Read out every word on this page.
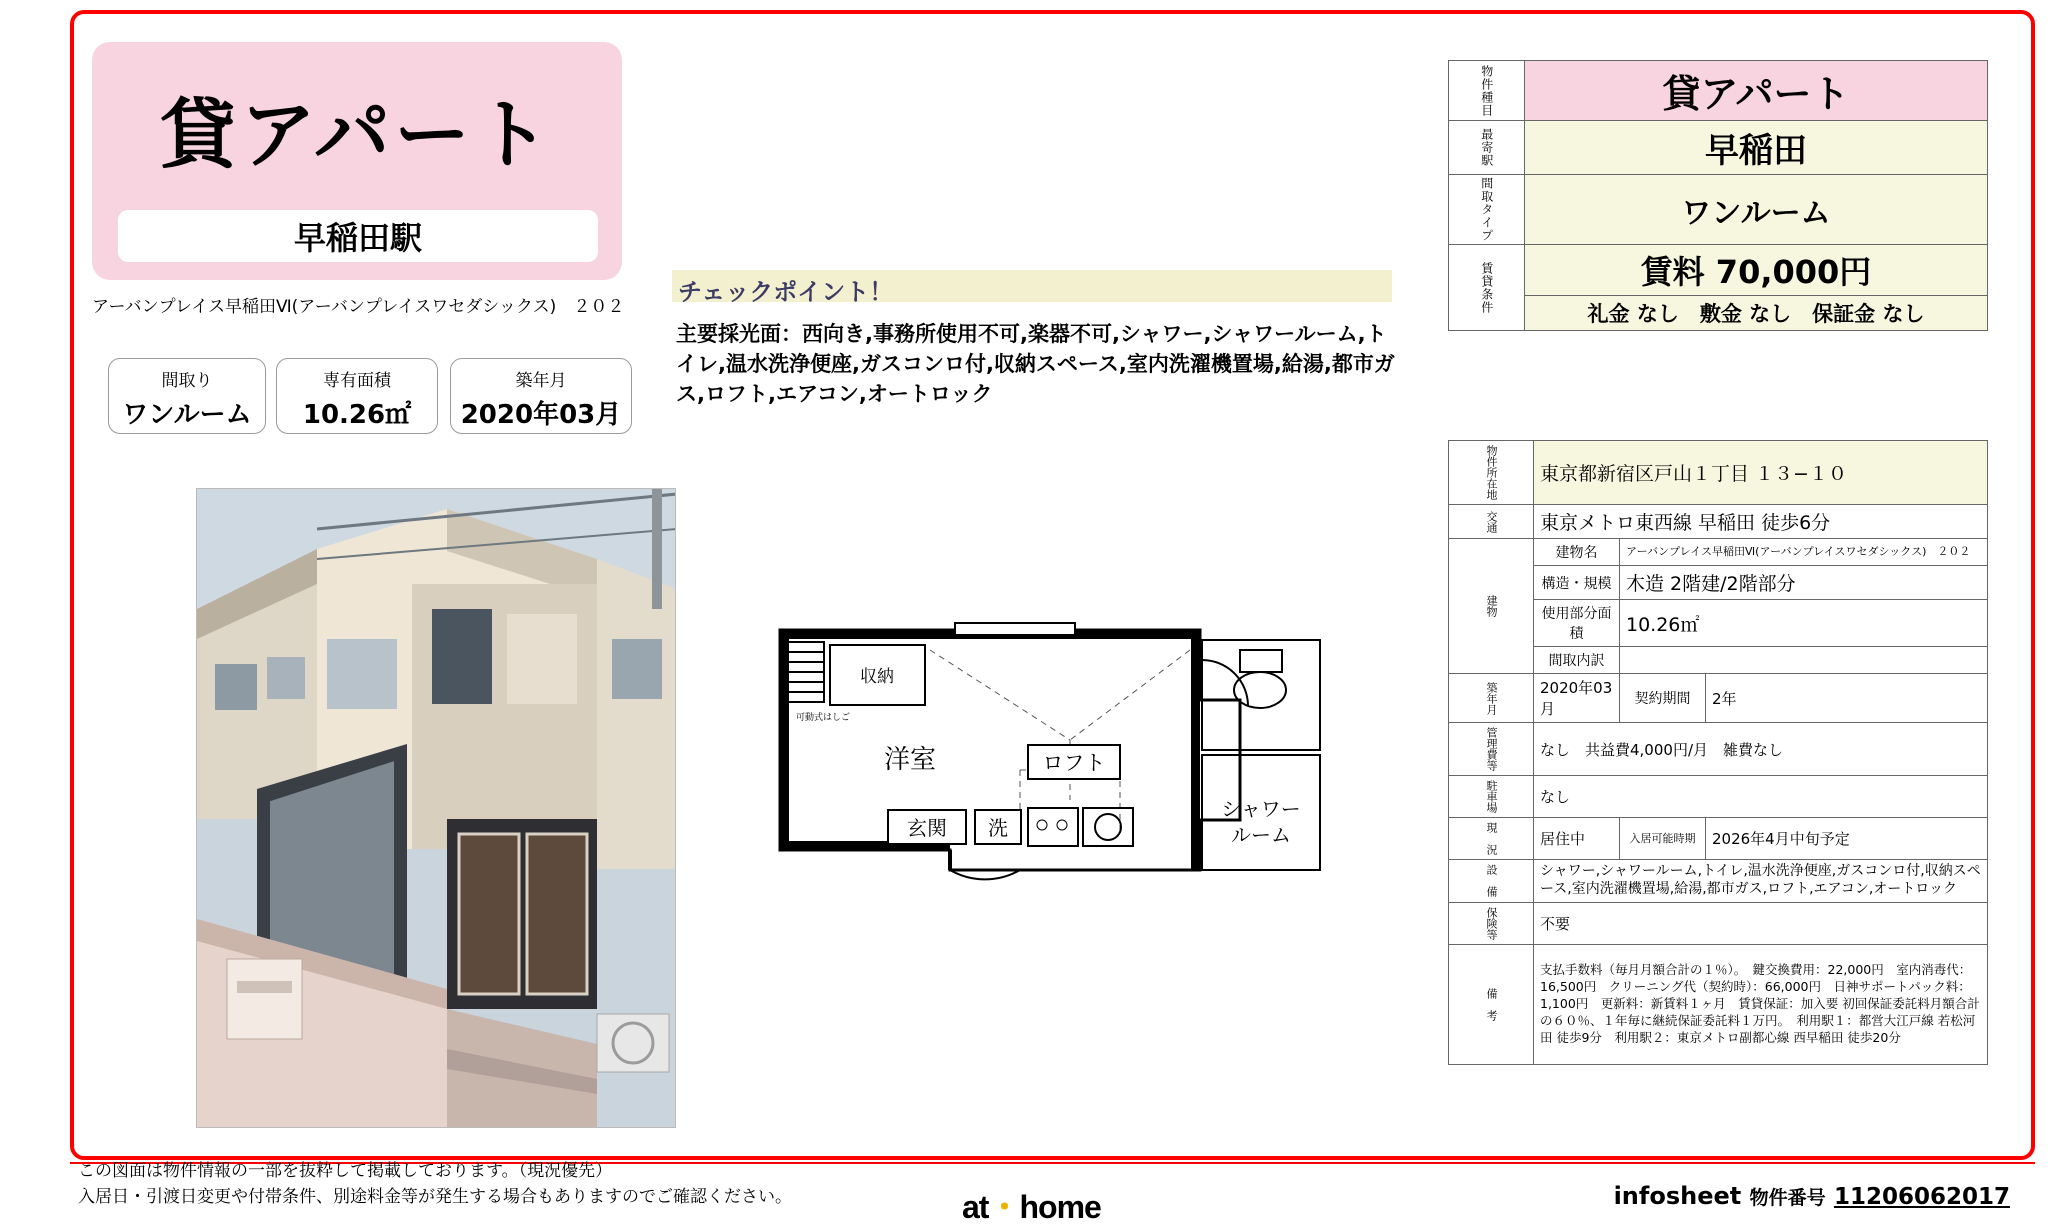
貸アパート
早稲田駅
アーバンプレイス早稲田Ⅵ(アーバンプレイスワセダシックス)　２０２
間取り
ワンルーム
専有面積
10.26㎡
築年月
2020年03月
チェックポイント！
主要採光面：西向き,事務所使用不可,楽器不可,シャワー,シャワールーム,トイレ,温水洗浄便座,ガスコンロ付,収納スペース,室内洗濯機置場,給湯,都市ガス,ロフト,エアコン,オートロック
収納
可動式はしご
洋室	ロフト
玄関 洗
シャワー
ルーム
物件種目	貸アパート
最寄駅	早稲田
間取タイプ	ワンルーム
賃貸条件	賃料 70,000円
	礼金 なし　敷金 なし　保証金 なし
物件所在地	東京都新宿区戸山１丁目 １３−１０		
交通	東京メトロ東西線 早稲田 徒歩6分		
建物	建物名	アーバンプレイス早稲田Ⅵ(アーバンプレイスワセダシックス)　２０２	
	構造・規模	木造 2階建/2階部分	
	使用部分面積	10.26㎡	
	間取内訳		
築年月	2020年03月	契約期間	2年
管理費等	なし　共益費4,000円/月　雑費なし		
駐車場	なし		
現　況	居住中	入居可能時期	2026年4月中旬予定
設　備	シャワー,シャワールーム,トイレ,温水洗浄便座,ガスコンロ付,収納スペース,室内洗濯機置場,給湯,都市ガス,ロフト,エアコン,オートロック		
保険等	不要		
備　考	支払手数料（毎月月額合計の１％）。　鍵交換費用：22,000円　室内消毒代：16,500円　クリーニング代（契約時）：66,000円　日神サポートパック料：1,100円　更新料：新賃料１ヶ月　賃貸保証：加入要 初回保証委託料月額合計の６０％、１年毎に継続保証委託料１万円。　利用駅１：都営大江戸線 若松河田 徒歩9分　利用駅２：東京メトロ副都心線 西早稲田 徒歩20分		
この図面は物件情報の一部を抜粋して掲載しております。（現況優先）
入居日・引渡日変更や付帯条件、別途料金等が発生する場合もありますのでご確認ください。	at・home	infosheet 物件番号 11206062017
